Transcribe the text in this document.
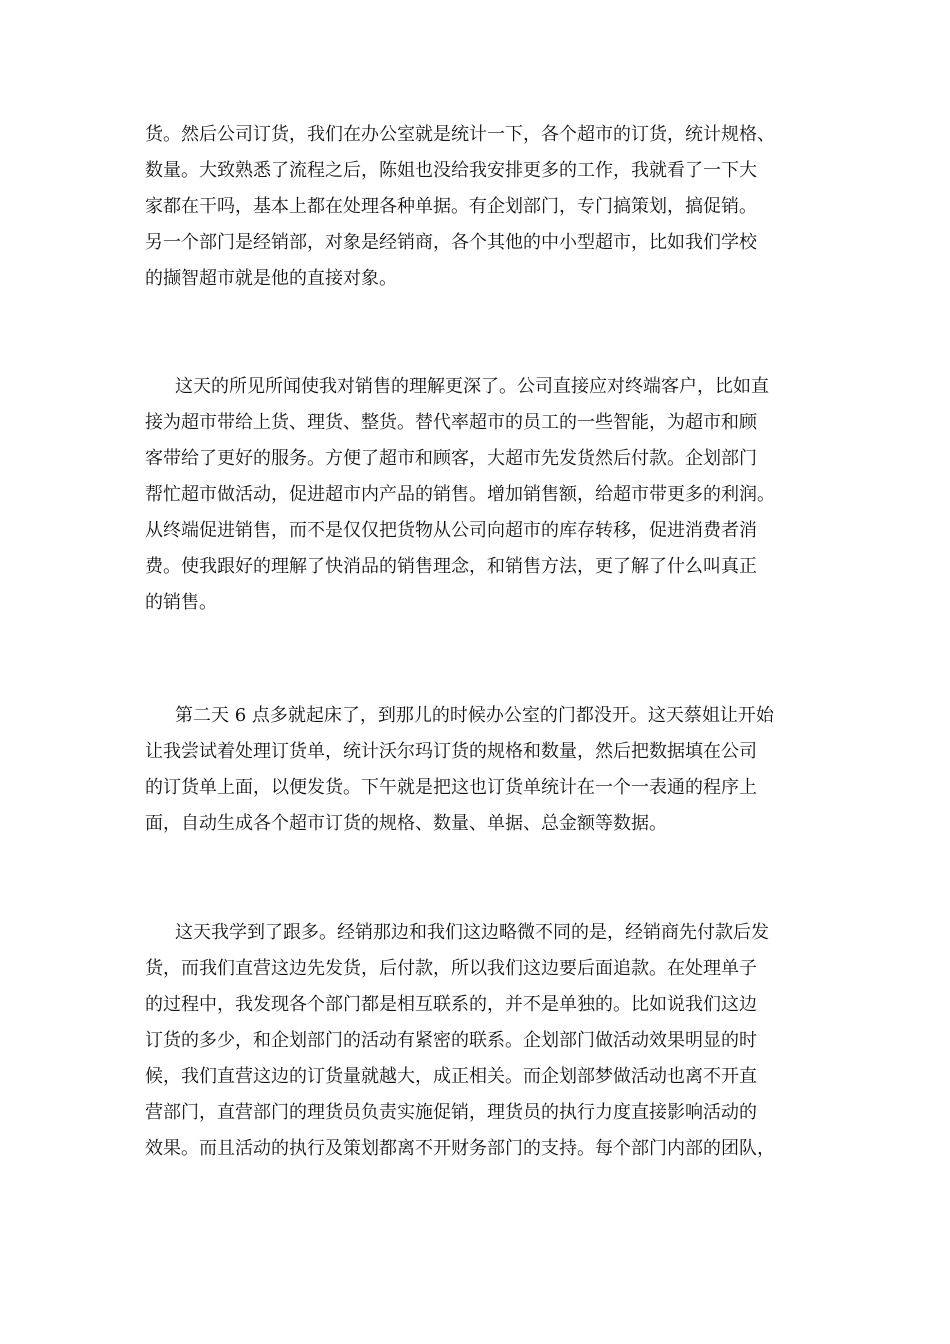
货。然后公司订货，我们在办公室就是统计一下，各个超市的订货，统计规格、
数量。大致熟悉了流程之后，陈姐也没给我安排更多的工作，我就看了一下大
家都在干吗，基本上都在处理各种单据。有企划部门，专门搞策划，搞促销。
另一个部门是经销部，对象是经销商，各个其他的中小型超市，比如我们学校
的撷智超市就是他的直接对象。
这天的所见所闻使我对销售的理解更深了。公司直接应对终端客户，比如直
接为超市带给上货、理货、整货。替代率超市的员工的一些智能，为超市和顾
客带给了更好的服务。方便了超市和顾客，大超市先发货然后付款。企划部门
帮忙超市做活动，促进超市内产品的销售。增加销售额，给超市带更多的利润。
从终端促进销售，而不是仅仅把货物从公司向超市的库存转移，促进消费者消
费。使我跟好的理解了快消品的销售理念，和销售方法，更了解了什么叫真正
的销售。
第二天 6 点多就起床了，到那儿的时候办公室的门都没开。这天蔡姐让开始
让我尝试着处理订货单，统计沃尔玛订货的规格和数量，然后把数据填在公司
的订货单上面，以便发货。下午就是把这也订货单统计在一个一表通的程序上
面，自动生成各个超市订货的规格、数量、单据、总金额等数据。
这天我学到了跟多。经销那边和我们这边略微不同的是，经销商先付款后发
货，而我们直营这边先发货，后付款，所以我们这边要后面追款。在处理单子
的过程中，我发现各个部门都是相互联系的，并不是单独的。比如说我们这边
订货的多少，和企划部门的活动有紧密的联系。企划部门做活动效果明显的时
候，我们直营这边的订货量就越大，成正相关。而企划部梦做活动也离不开直
营部门，直营部门的理货员负责实施促销，理货员的执行力度直接影响活动的
效果。而且活动的执行及策划都离不开财务部门的支持。每个部门内部的团队，
